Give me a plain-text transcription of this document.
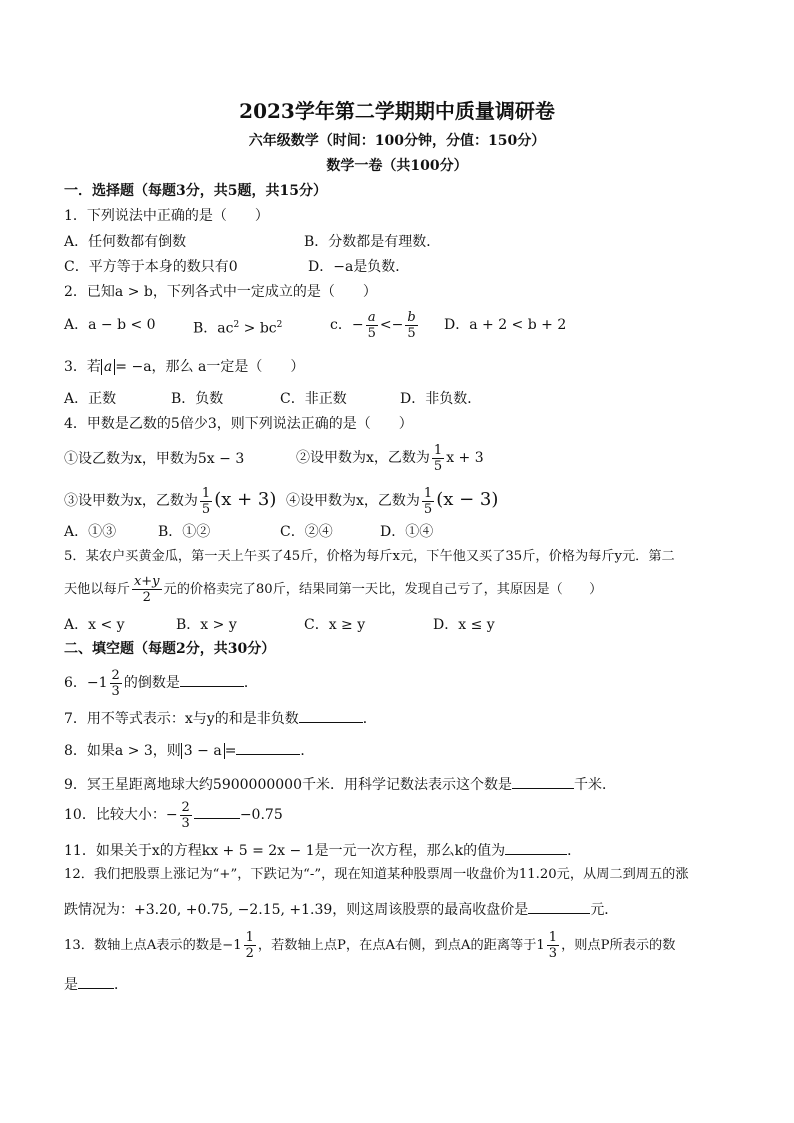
2023学年第二学期期中质量调研卷
六年级数学（时间：100分钟，分值：150分）
数学一卷（共100分）
一．选择题（每题3分，共5题，共15分）
1．下列说法中正确的是（　　）
A．任何数都有倒数	B．分数都是有理数．
C．平方等于本身的数只有0	D．−a是负数．
2．已知a > b，下列各式中一定成立的是（　　）
A．a − b < 0	B．$ac^2 > bc^2$	c．− $\frac{a}{5} <- \frac{b}{5}$ D．a + 2 < b + 2
3．若 a = −a，那么 a一定是（　　）
A．正数	B．负数	C．非正数	D．非负数．
4．甲数是乙数的5倍少3，则下列说法正确的是（　　）
①设乙数为x，甲数为5x − 3	②设甲数为x，乙数为 $\frac{1}{5}$ x + 3
③设甲数为x，乙数为 $\frac{1}{5} (x + 3)$ ④设甲数为x，乙数为 $\frac{1}{5} (x - 3)$
A．①③	B．①②	C．②④	D．①④
5．某农户买黄金瓜，第一天上午买了45斤，价格为每斤x元，下午他又买了35斤，价格为每斤y元．第二
天他以每斤 $\frac{x+y}{2}$ 元的价格卖完了80斤，结果同第一天比，发现自己亏了，其原因是（　　）
A．x < y	B．x > y	C．x ≥ y	D．x ≤ y
二、填空题（每题2分，共30分）
6．$-1 \frac{2}{3}$ 的倒数是	．
7．用不等式表示：x与y的和是非负数	．
8．如果a > 3，则 3 − a =	．
9．冥王星距离地球大约5900000000千米．用科学记数法表示这个数是	千米．
10．比较大小：− $\frac{2}{3}$	−0.75
11．如果关于x的方程kx + 5 = 2x − 1是一元一次方程，那么k的值为	．
12．我们把股票上涨记为“+”，下跌记为“-”，现在知道某种股票周一收盘价为11.20元，从周二到周五的涨
跌情况为：+3.20, +0.75, −2.15, +1.39，则这周该股票的最高收盘价是	元．
13．数轴上点A表示的数是$-1 \frac{1}{2}$ ，若数轴上点P，在点A右侧，到点A的距离等于$1 \frac{1}{3}$ ，则点P所表示的数
是	．
